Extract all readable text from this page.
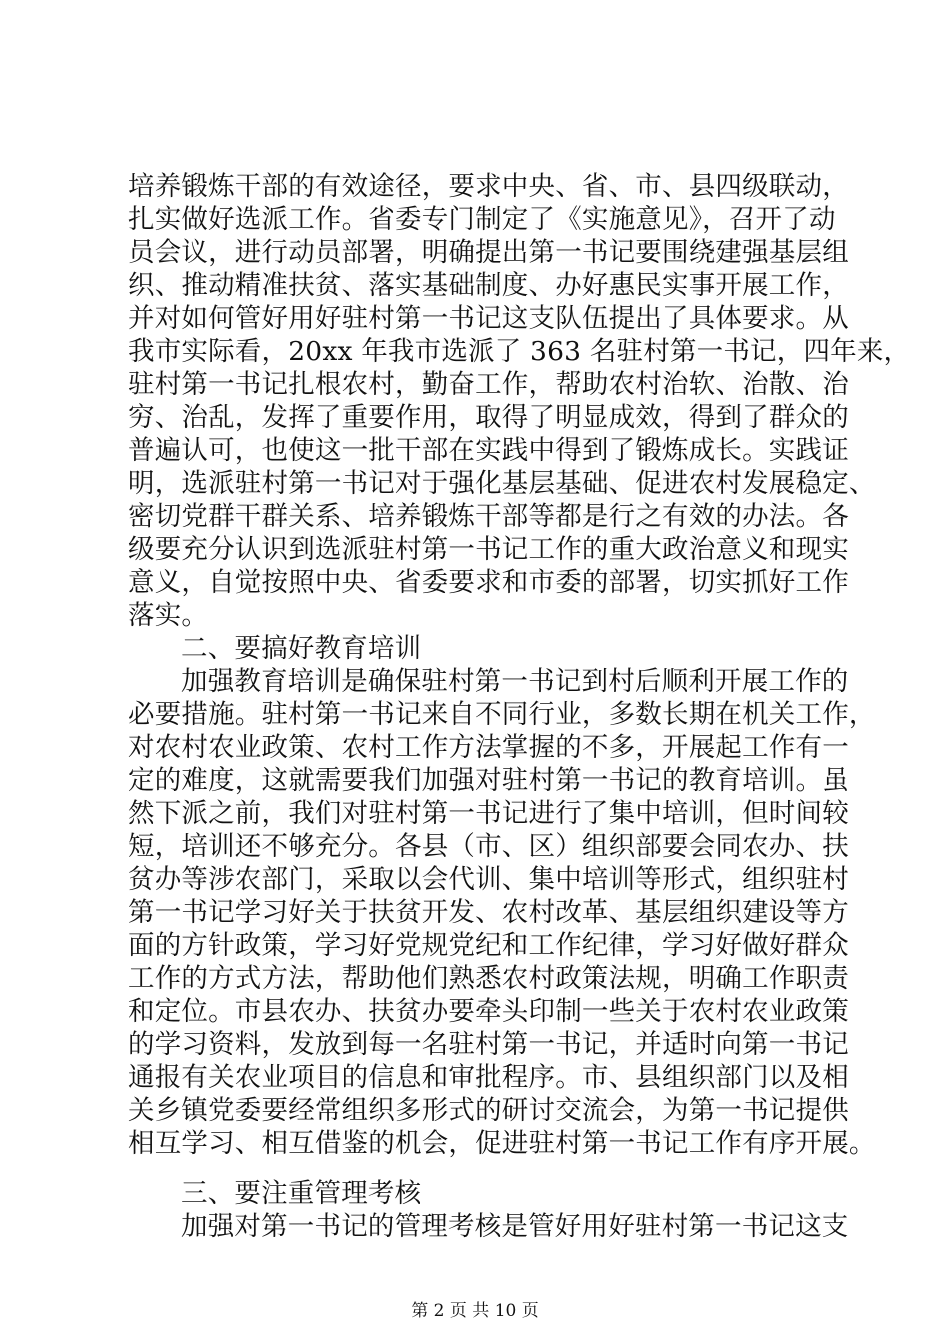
培养锻炼干部的有效途径，要求中央、省、市、县四级联动，
扎实做好选派工作。省委专门制定了《实施意见》，召开了动
员会议，进行动员部署，明确提出第一书记要围绕建强基层组
织、推动精准扶贫、落实基础制度、办好惠民实事开展工作，
并对如何管好用好驻村第一书记这支队伍提出了具体要求。从
我市实际看，20xx 年我市选派了 363 名驻村第一书记，四年来，
驻村第一书记扎根农村，勤奋工作，帮助农村治软、治散、治
穷、治乱，发挥了重要作用，取得了明显成效，得到了群众的
普遍认可，也使这一批干部在实践中得到了锻炼成长。实践证
明，选派驻村第一书记对于强化基层基础、促进农村发展稳定、
密切党群干群关系、培养锻炼干部等都是行之有效的办法。各
级要充分认识到选派驻村第一书记工作的重大政治意义和现实
意义，自觉按照中央、省委要求和市委的部署，切实抓好工作
落实。
二、要搞好教育培训
加强教育培训是确保驻村第一书记到村后顺利开展工作的
必要措施。驻村第一书记来自不同行业，多数长期在机关工作，
对农村农业政策、农村工作方法掌握的不多，开展起工作有一
定的难度，这就需要我们加强对驻村第一书记的教育培训。虽
然下派之前，我们对驻村第一书记进行了集中培训，但时间较
短，培训还不够充分。各县（市、区）组织部要会同农办、扶
贫办等涉农部门，采取以会代训、集中培训等形式，组织驻村
第一书记学习好关于扶贫开发、农村改革、基层组织建设等方
面的方针政策，学习好党规党纪和工作纪律，学习好做好群众
工作的方式方法，帮助他们熟悉农村政策法规，明确工作职责
和定位。市县农办、扶贫办要牵头印制一些关于农村农业政策
的学习资料，发放到每一名驻村第一书记，并适时向第一书记
通报有关农业项目的信息和审批程序。市、县组织部门以及相
关乡镇党委要经常组织多形式的研讨交流会，为第一书记提供
相互学习、相互借鉴的机会，促进驻村第一书记工作有序开展。
三、要注重管理考核
加强对第一书记的管理考核是管好用好驻村第一书记这支
第 2 页 共 10 页
